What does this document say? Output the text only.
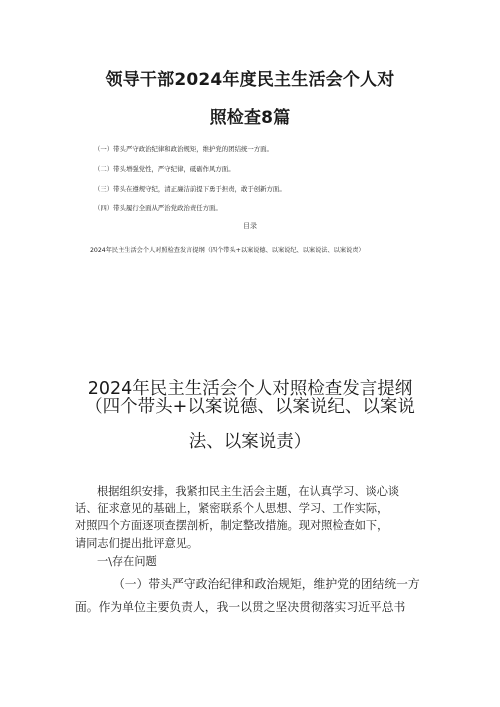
领导干部2024年度民主生活会个人对
照检查8篇
（一）带头严守政治纪律和政治规矩，维护党的团结统一方面。
（二）带头增强党性，严守纪律，砥砺作风方面。
（三）带头在遵规守纪，清正廉洁前提下勇于担责，敢于创新方面。
（四）带头履行全面从严治党政治责任方面。
目录
2024年民主生活会个人对照检查发言提纲（四个带头+以案说德、以案说纪、以案说法、以案说责）
2024年民主生活会个人对照检查发言提纲
（四个带头+以案说德、以案说纪、以案说
法、以案说责）
根据组织安排，我紧扣民主生活会主题，在认真学习、谈心谈
话、征求意见的基础上，紧密联系个人思想、学习、工作实际，
对照四个方面逐项查摆剖析，制定整改措施。现对照检查如下，
请同志们提出批评意见。
一\存在问题
（一）带头严守政治纪律和政治规矩，维护党的团结统一方
面。作为单位主要负责人，我一以贯之坚决贯彻落实习近平总书
